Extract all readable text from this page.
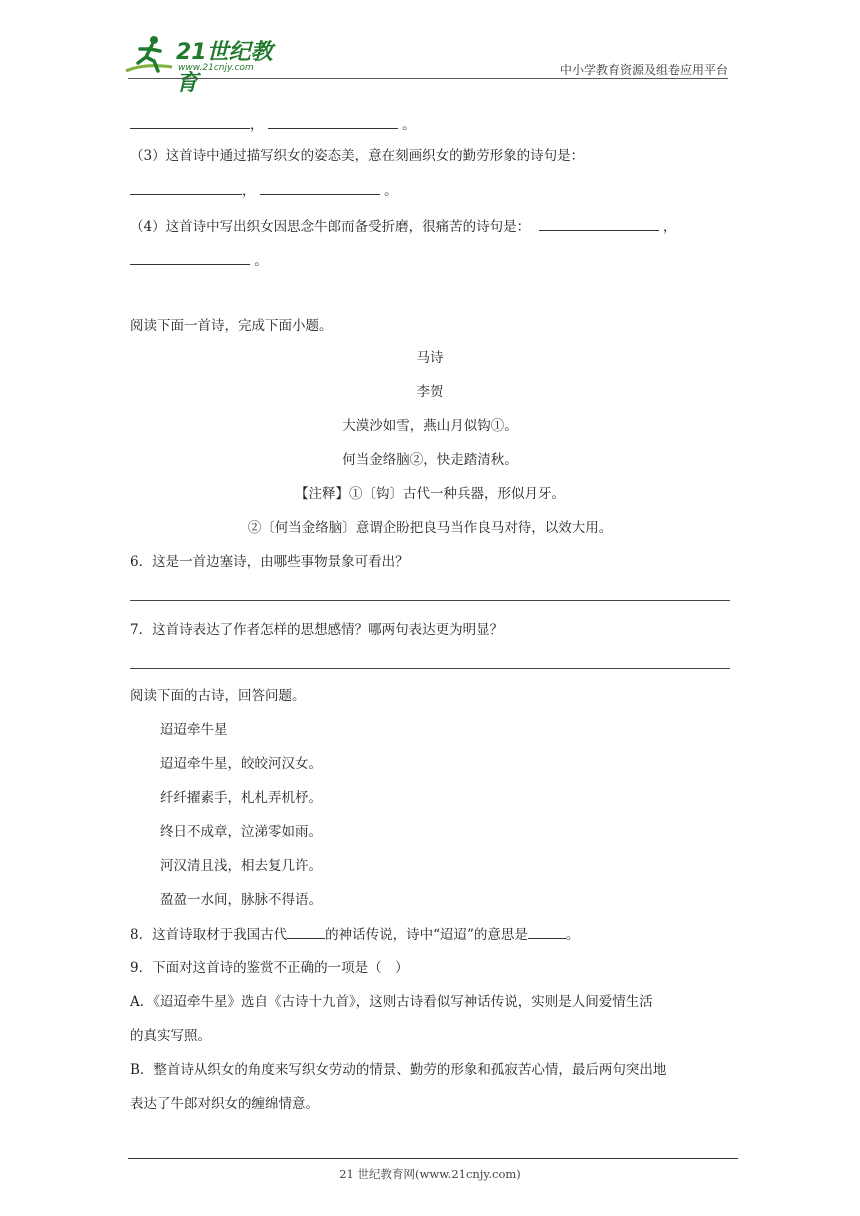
21世纪教育
www.21cnjy.com	中小学教育资源及组卷应用平台
，	。
（3）这首诗中通过描写织女的姿态美，意在刻画织女的勤劳形象的诗句是：
，	。
（4）这首诗中写出织女因思念牛郎而备受折磨，很痛苦的诗句是：	，
。
阅读下面一首诗，完成下面小题。
马诗
李贺
大漠沙如雪，燕山月似钩①。
何当金络脑②，快走踏清秋。
【注释】①〔钩〕古代一种兵器，形似月牙。
②〔何当金络脑〕意谓企盼把良马当作良马对待，以效大用。
6．这是一首边塞诗，由哪些事物景象可看出？
7．这首诗表达了作者怎样的思想感情？哪两句表达更为明显？
阅读下面的古诗，回答问题。
迢迢牵牛星
迢迢牵牛星，皎皎河汉女。
纤纤擢素手，札札弄机杼。
终日不成章，泣涕零如雨。
河汉清且浅，相去复几许。
盈盈一水间，脉脉不得语。
8．这首诗取材于我国古代	的神话传说，诗中“迢迢”的意思是	。
9．下面对这首诗的鉴赏不正确的一项是（　）
A．《迢迢牵牛星》选自《古诗十九首》，这则古诗看似写神话传说，实则是人间爱情生活
的真实写照。
B．整首诗从织女的角度来写织女劳动的情景、勤劳的形象和孤寂苦心情，最后两句突出地
表达了牛郎对织女的缠绵情意。
21 世纪教育网(www.21cnjy.com)
